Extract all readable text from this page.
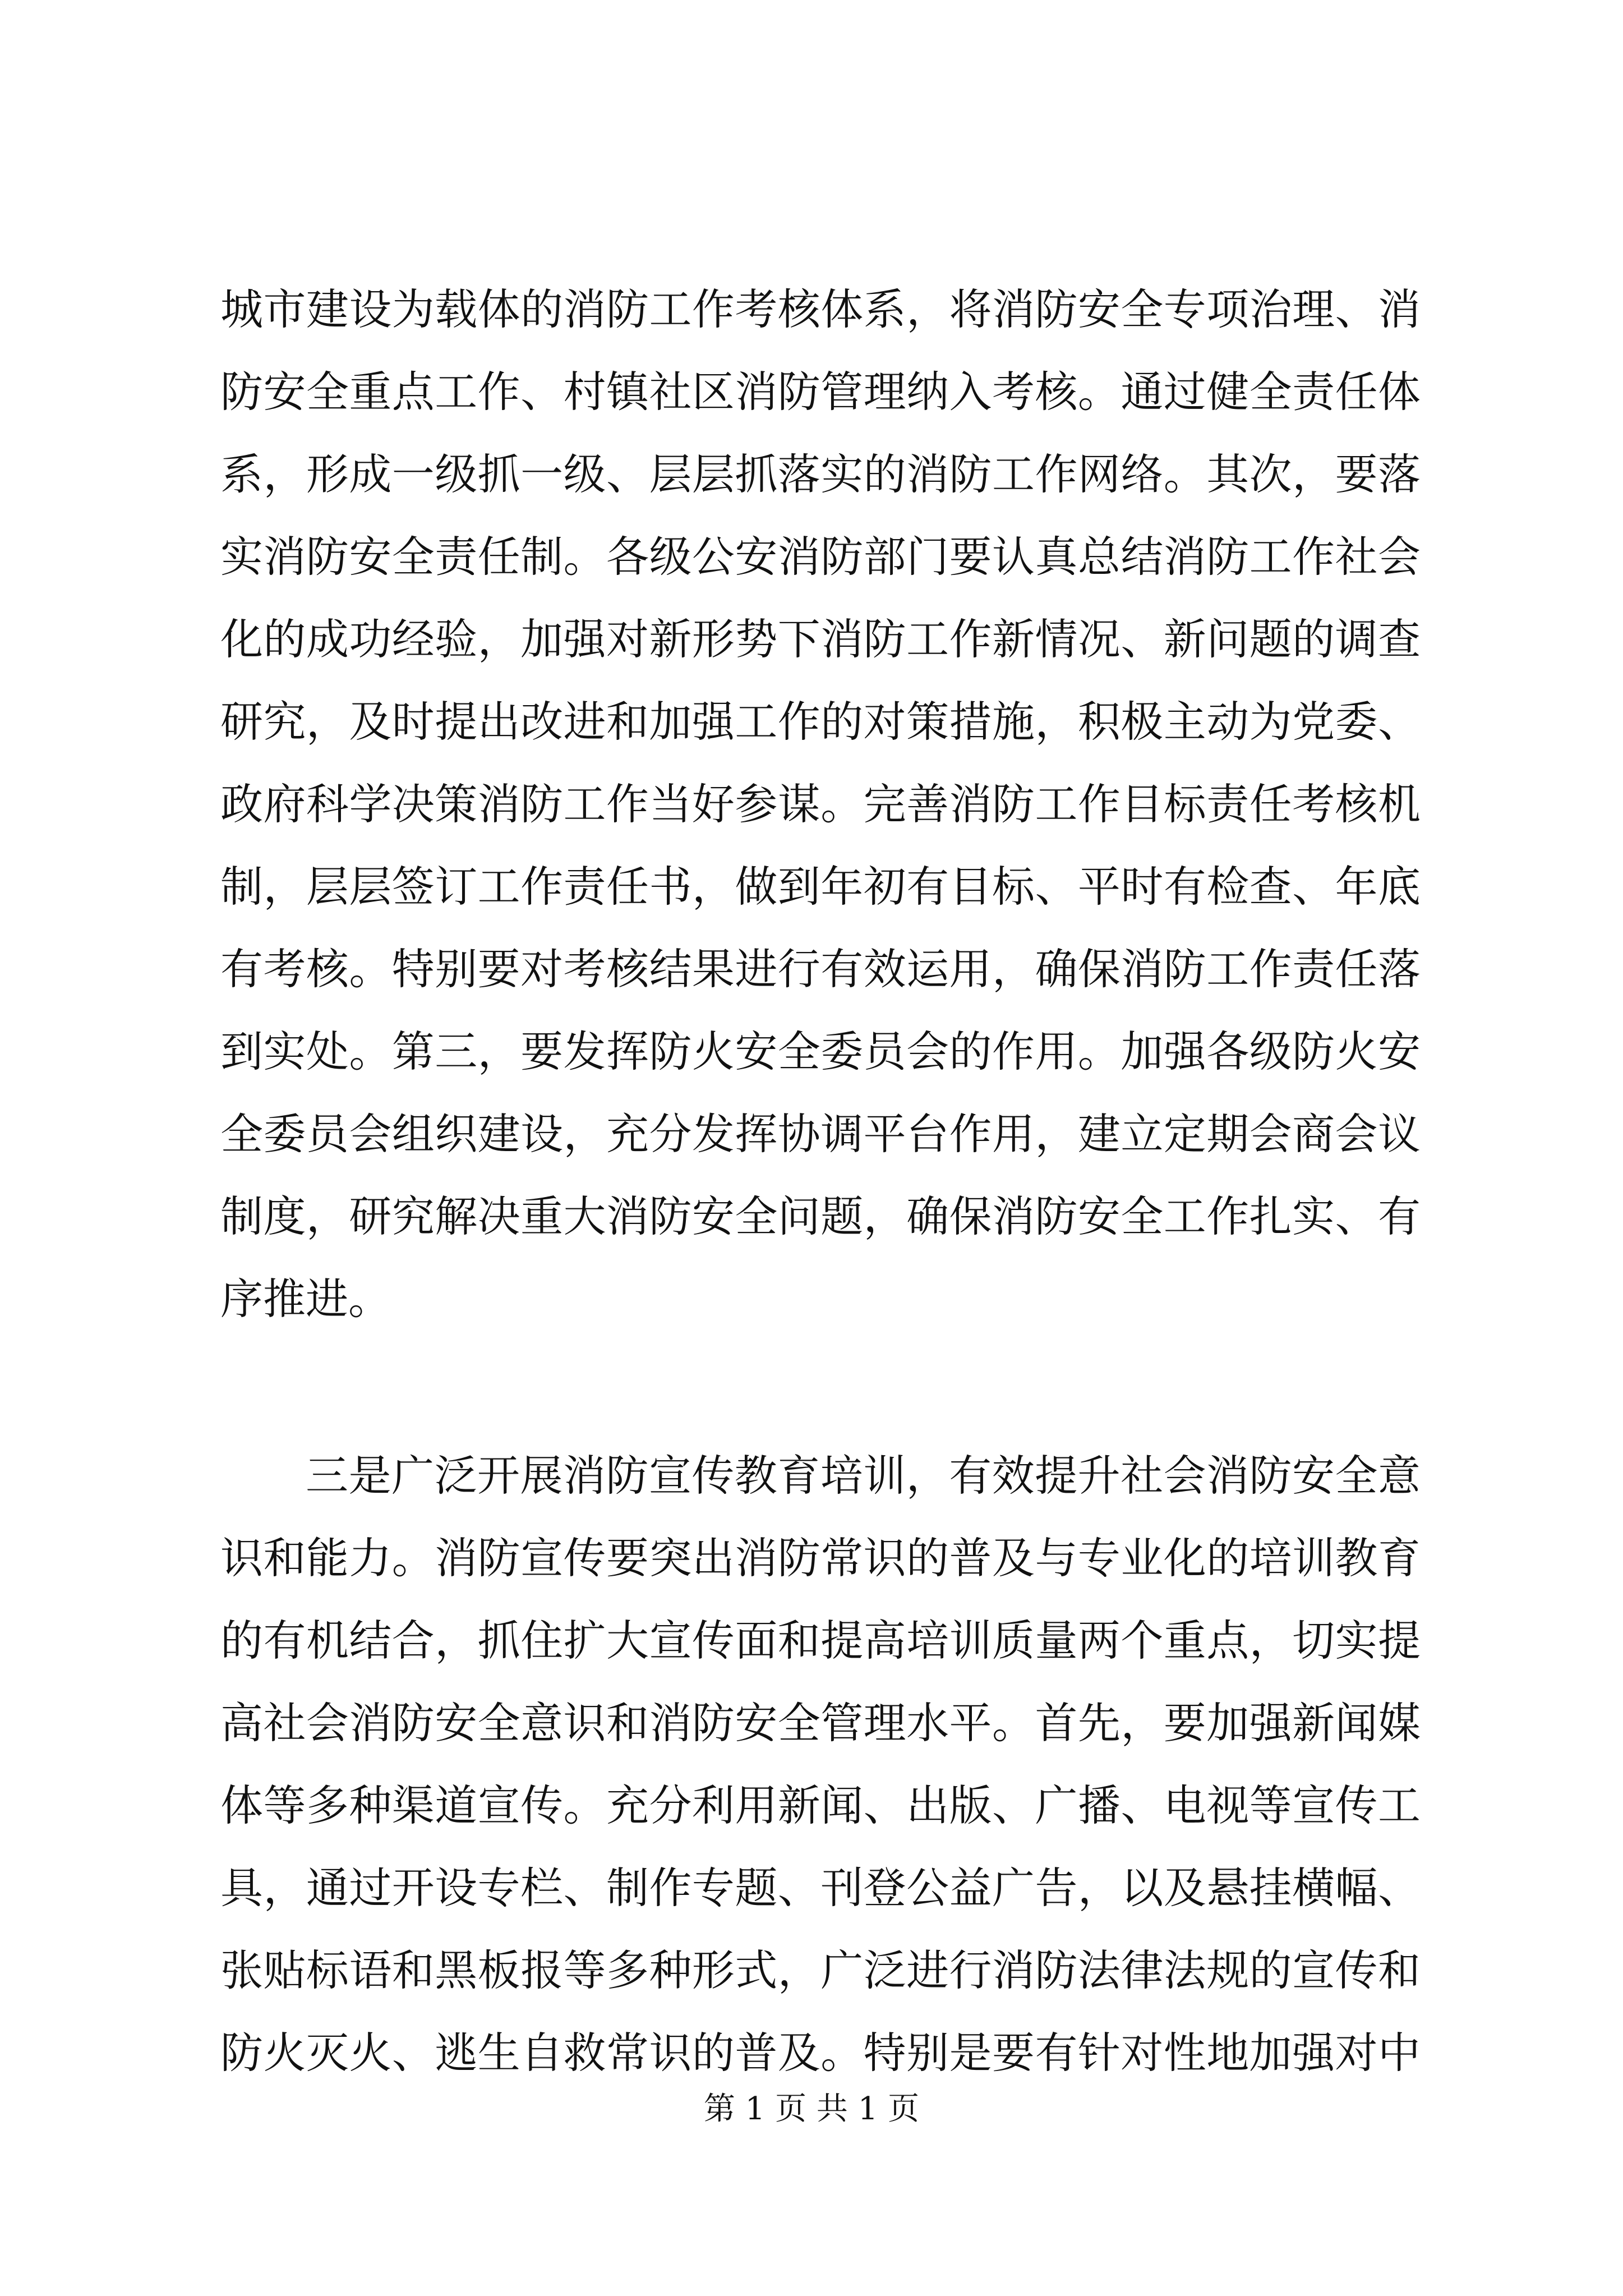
城市建设为载体的消防工作考核体系，将消防安全专项治理、消
防安全重点工作、村镇社区消防管理纳入考核。通过健全责任体
系，形成一级抓一级、层层抓落实的消防工作网络。其次，要落
实消防安全责任制。各级公安消防部门要认真总结消防工作社会
化的成功经验，加强对新形势下消防工作新情况、新问题的调查
研究，及时提出改进和加强工作的对策措施，积极主动为党委、
政府科学决策消防工作当好参谋。完善消防工作目标责任考核机
制，层层签订工作责任书，做到年初有目标、平时有检查、年底
有考核。特别要对考核结果进行有效运用，确保消防工作责任落
到实处。第三，要发挥防火安全委员会的作用。加强各级防火安
全委员会组织建设，充分发挥协调平台作用，建立定期会商会议
制度，研究解决重大消防安全问题，确保消防安全工作扎实、有
序推进。
三是广泛开展消防宣传教育培训，有效提升社会消防安全意
识和能力。消防宣传要突出消防常识的普及与专业化的培训教育
的有机结合，抓住扩大宣传面和提高培训质量两个重点，切实提
高社会消防安全意识和消防安全管理水平。首先，要加强新闻媒
体等多种渠道宣传。充分利用新闻、出版、广播、电视等宣传工
具，通过开设专栏、制作专题、刊登公益广告，以及悬挂横幅、
张贴标语和黑板报等多种形式，广泛进行消防法律法规的宣传和
防火灭火、逃生自救常识的普及。特别是要有针对性地加强对中
第 1 页 共 1 页
